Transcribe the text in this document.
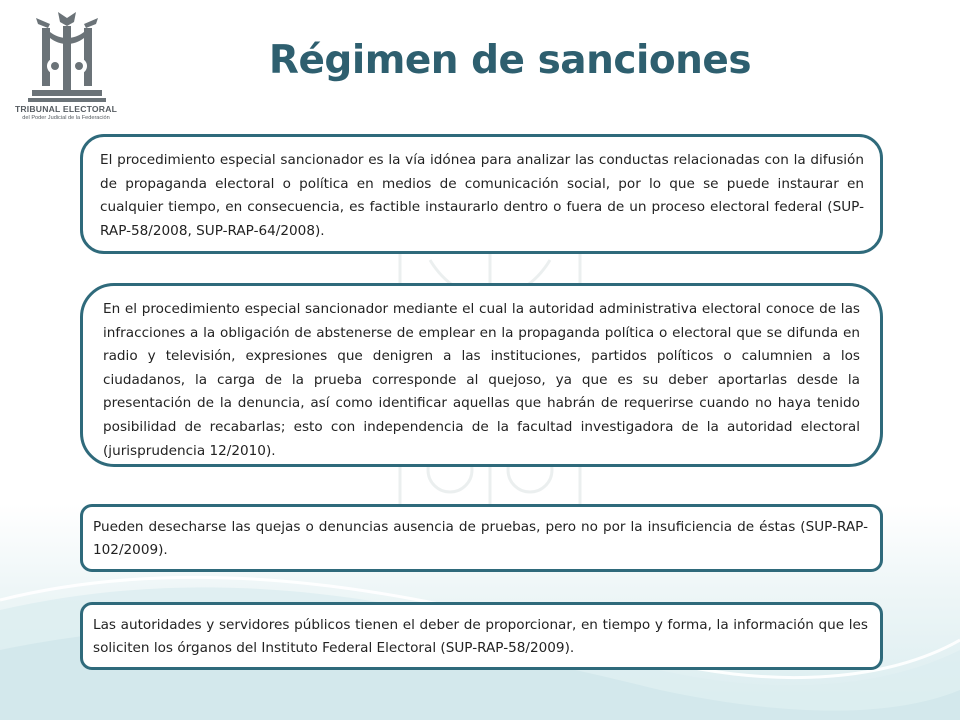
TRIBUNAL ELECTORAL
del Poder Judicial de la Federación
Régimen de sanciones

El procedimiento especial sancionador es la vía idónea para analizar las conductas relacionadas con la difusión de propaganda electoral o política en medios de comunicación social, por lo que se puede instaurar en cualquier tiempo, en consecuencia, es factible instaurarlo dentro o fuera de un proceso electoral federal (SUP-RAP-58/2008, SUP-RAP-64/2008).

En el procedimiento especial sancionador mediante el cual la autoridad administrativa electoral conoce de las infracciones a la obligación de abstenerse de emplear en la propaganda política o electoral que se difunda en radio y televisión, expresiones que denigren a las instituciones, partidos políticos o calumnien a los ciudadanos, la carga de la prueba corresponde al quejoso, ya que es su deber aportarlas desde la presentación de la denuncia, así como identificar aquellas que habrán de requerirse cuando no haya tenido posibilidad de recabarlas; esto con independencia de la facultad investigadora de la autoridad electoral (jurisprudencia 12/2010).

Pueden desecharse las quejas o denuncias ausencia de pruebas, pero no por la insuficiencia de éstas (SUP-RAP-102/2009).

Las autoridades y servidores públicos tienen el deber de proporcionar, en tiempo y forma, la información que les soliciten los órganos del Instituto Federal Electoral (SUP-RAP-58/2009).
